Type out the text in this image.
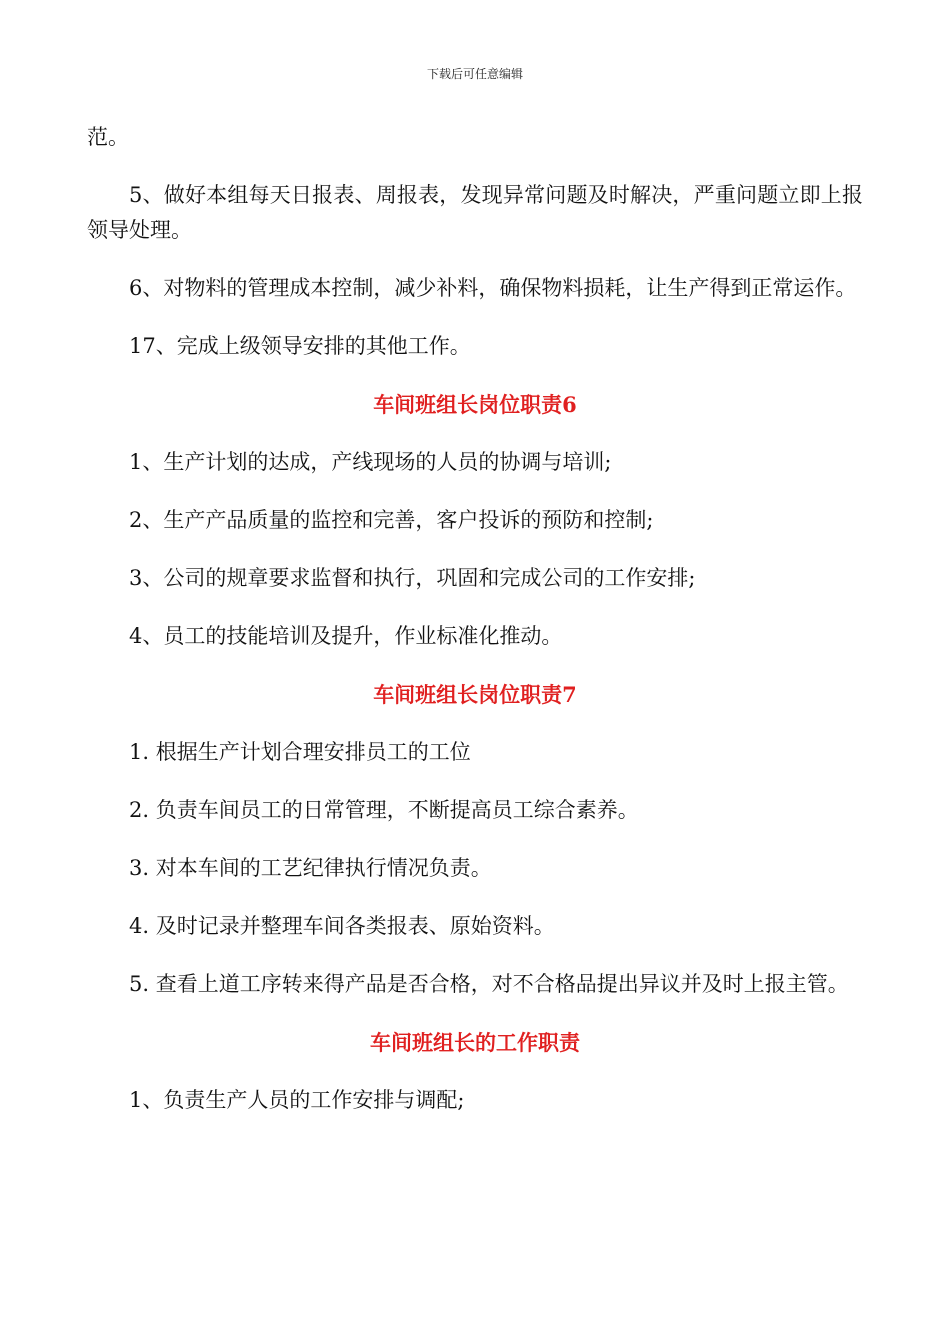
下载后可任意编辑

范。

5、做好本组每天日报表、周报表，发现异常问题及时解决，严重问题立即上报领导处理。

6、对物料的管理成本控制，减少补料，确保物料损耗，让生产得到正常运作。

17、完成上级领导安排的其他工作。

车间班组长岗位职责6

1、生产计划的达成，产线现场的人员的协调与培训;

2、生产产品质量的监控和完善，客户投诉的预防和控制;

3、公司的规章要求监督和执行，巩固和完成公司的工作安排;

4、员工的技能培训及提升，作业标准化推动。

车间班组长岗位职责7

1. 根据生产计划合理安排员工的工位

2. 负责车间员工的日常管理，不断提高员工综合素养。

3. 对本车间的工艺纪律执行情况负责。

4. 及时记录并整理车间各类报表、原始资料。

5. 查看上道工序转来得产品是否合格，对不合格品提出异议并及时上报主管。

车间班组长的工作职责

1、负责生产人员的工作安排与调配;
